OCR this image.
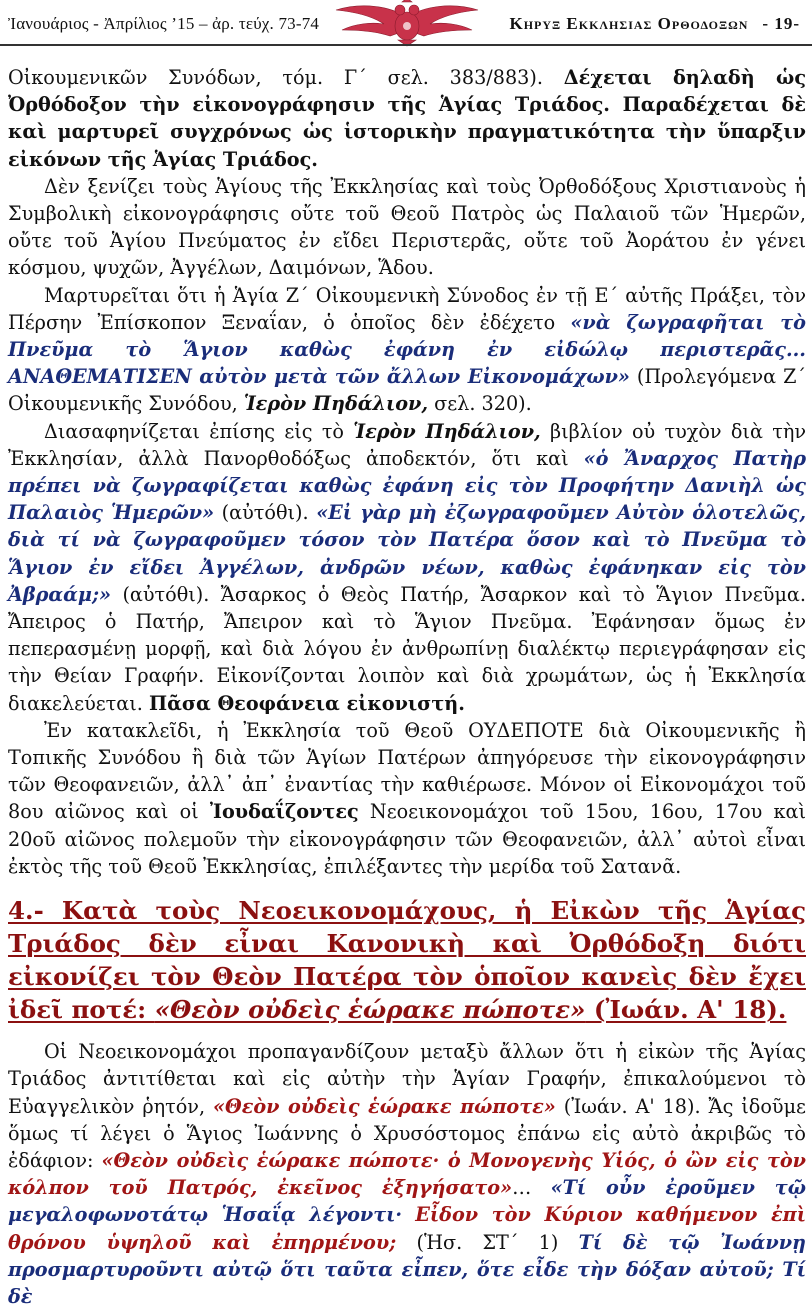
Ἰανουάριος - Ἀπρίλιος ’15 – ἀρ. τεύχ. 73-74	Κηρυξ Εκκλησιας Ορθοδοξων - 19-

Οἰκουμενικῶν Συνόδων, τόμ. Γ΄ σελ. 383/883). Δέχεται δηλαδὴ ὡς Ὀρθόδοξον τὴν εἰκονογράφησιν τῆς Ἁγίας Τριάδος. Παραδέχεται δὲ καὶ μαρτυρεῖ συγχρόνως ὡς ἱστορικὴν πραγματικότητα τὴν ὕπαρξιν εἰκόνων τῆς Ἁγίας Τριάδος.

Δὲν ξενίζει τοὺς Ἁγίους τῆς Ἐκκλησίας καὶ τοὺς Ὀρθοδόξους Χριστιανοὺς ἡ Συμβολικὴ εἰκονογράφησις οὔτε τοῦ Θεοῦ Πατρὸς ὡς Παλαιοῦ τῶν Ἡμερῶν, οὔτε τοῦ Ἁγίου Πνεύματος ἐν εἴδει Περιστερᾶς, οὔτε τοῦ Ἀοράτου ἐν γένει κόσμου, ψυχῶν, Ἀγγέλων, Δαιμόνων, Ἅδου.

Μαρτυρεῖται ὅτι ἡ Ἁγία Ζ΄ Οἰκουμενικὴ Σύνοδος ἐν τῇ Ε΄ αὐτῆς Πράξει, τὸν Πέρσην Ἐπίσκοπον Ξεναΐαν, ὁ ὁποῖος δὲν ἐδέχετο «νὰ ζωγραφῆται τὸ Πνεῦμα τὸ Ἅγιον καθὼς ἐφάνη ἐν εἰδώλῳ περιστερᾶς... ΑΝΑΘΕΜΑΤΙΣΕΝ αὐτὸν μετὰ τῶν ἄλλων Εἰκονομάχων» (Προλεγόμενα Ζ΄ Οἰκουμενικῆς Συνόδου, Ἱερὸν Πηδάλιον, σελ. 320).

Διασαφηνίζεται ἐπίσης εἰς τὸ Ἱερὸν Πηδάλιον, βιβλίον οὐ τυχὸν διὰ τὴν Ἐκκλησίαν, ἀλλὰ Πανορθοδόξως ἀποδεκτόν, ὅτι καὶ «ὁ Ἄναρχος Πατὴρ πρέπει νὰ ζωγραφίζεται καθὼς ἐφάνη εἰς τὸν Προφήτην Δανιὴλ ὡς Παλαιὸς Ἡμερῶν» (αὐτόθι). «Εἰ γὰρ μὴ ἐζωγραφοῦμεν Αὐτὸν ὁλοτελῶς, διὰ τί νὰ ζωγραφοῦμεν τόσον τὸν Πατέρα ὅσον καὶ τὸ Πνεῦμα τὸ Ἅγιον ἐν εἴδει Ἀγγέλων, ἀνδρῶν νέων, καθὼς ἐφάνηκαν εἰς τὸν Ἀβραάμ;» (αὐτόθι). Ἄσαρκος ὁ Θεὸς Πατήρ, Ἄσαρκον καὶ τὸ Ἅγιον Πνεῦμα. Ἄπειρος ὁ Πατήρ, Ἄπειρον καὶ τὸ Ἅγιον Πνεῦμα. Ἐφάνησαν ὅμως ἐν πεπερασμένῃ μορφῇ, καὶ διὰ λόγου ἐν ἀνθρωπίνῃ διαλέκτῳ περιεγράφησαν εἰς τὴν Θείαν Γραφήν. Εἰκονίζονται λοιπὸν καὶ διὰ χρωμάτων, ὡς ἡ Ἐκκλησία διακελεύεται. Πᾶσα Θεοφάνεια εἰκονιστή.

Ἐν κατακλεῖδι, ἡ Ἐκκλησία τοῦ Θεοῦ ΟΥΔΕΠΟΤΕ διὰ Οἰκουμενικῆς ἢ Τοπικῆς Συνόδου ἢ διὰ τῶν Ἁγίων Πατέρων ἀπηγόρευσε τὴν εἰκονογράφησιν τῶν Θεοφανειῶν, ἀλλ᾽ ἀπ᾽ ἐναντίας τὴν καθιέρωσε. Μόνον οἱ Εἰκονομάχοι τοῦ 8ου αἰῶνος καὶ οἱ Ἰουδαΐζοντες Νεοεικονομάχοι τοῦ 15ου, 16ου, 17ου καὶ 20οῦ αἰῶνος πολεμοῦν τὴν εἰκονογράφησιν τῶν Θεοφανειῶν, ἀλλ᾽ αὐτοὶ εἶναι ἐκτὸς τῆς τοῦ Θεοῦ Ἐκκλησίας, ἐπιλέξαντες τὴν μερίδα τοῦ Σατανᾶ.

4.- Κατὰ τοὺς Νεοεικονομάχους, ἡ Εἰκὼν τῆς Ἁγίας Τριάδος δὲν εἶναι Κανονικὴ καὶ Ὀρθόδοξη διότι εἰκονίζει τὸν Θεὸν Πατέρα τὸν ὁποῖον κανεὶς δὲν ἔχει ἰδεῖ ποτέ: «Θεὸν οὐδεὶς ἑώρακε πώποτε» (Ἰωάν. Α' 18).

Οἱ Νεοεικονομάχοι προπαγανδίζουν μεταξὺ ἄλλων ὅτι ἡ εἰκὼν τῆς Ἁγίας Τριάδος ἀντιτίθεται καὶ εἰς αὐτὴν τὴν Ἁγίαν Γραφήν, ἐπικαλούμενοι τὸ Εὐαγγελικὸν ῥητόν, «Θεὸν οὐδεὶς ἑώρακε πώποτε» (Ἰωάν. Α' 18). Ἄς ἰδοῦμε ὅμως τί λέγει ὁ Ἅγιος Ἰωάννης ὁ Χρυσόστομος ἐπάνω εἰς αὐτὸ ἀκριβῶς τὸ ἐδάφιον: «Θεὸν οὐδεὶς ἑώρακε πώποτε· ὁ Μονογενὴς Υἱός, ὁ ὢν εἰς τὸν κόλπον τοῦ Πατρός, ἐκεῖνος ἐξηγήσατο»… «Τί οὖν ἐροῦμεν τῷ μεγαλοφωνοτάτῳ Ἡσαΐᾳ λέγοντι· Εἶδον τὸν Κύριον καθήμενον ἐπὶ θρόνου ὑψηλοῦ καὶ ἐπηρμένου; (Ἡσ. ΣΤ΄ 1) Τί δὲ τῷ Ἰωάννῃ προσμαρτυροῦντι αὐτῷ ὅτι ταῦτα εἶπεν, ὅτε εἶδε τὴν δόξαν αὐτοῦ; Τί δὲ
